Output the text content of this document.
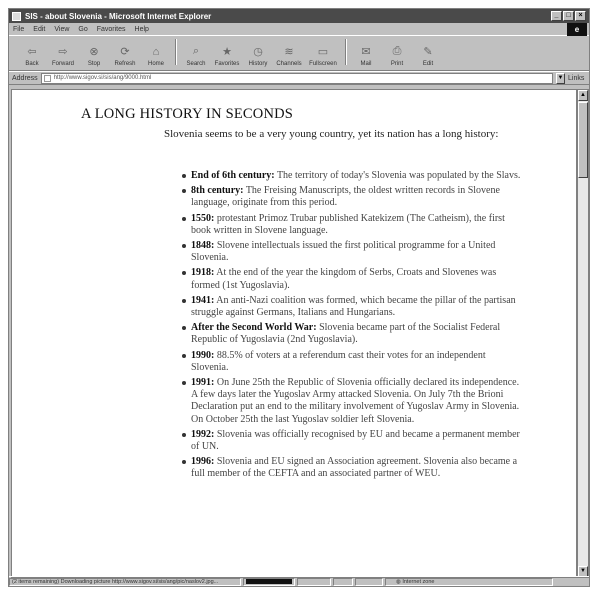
SIS - about Slovenia - Microsoft Internet Explorer	_	□	×
File Edit View Go Favorites Help	e
⇦
Back
⇨
Forward
⊗
Stop
⟳
Refresh
⌂
Home
⌕
Search
★
Favorites
◷
History
≋
Channels
▭
Fullscreen
✉
Mail
⎙
Print
✎
Edit
Address	http://www.sigov.si/sis/ang/9000.html	▼ Links
A LONG HISTORY IN SECONDS
Slovenia seems to be a very young country, yet its nation has a long history:
End of 6th century: The territory of today's Slovenia was populated by the Slavs.
8th century: The Freising Manuscripts, the oldest written records in Slovene language, originate from this period.
1550: protestant Primoz Trubar published Katekizem (The Catheism), the first book written in Slovene language.
1848: Slovene intellectuals issued the first political programme for a United Slovenia.
1918: At the end of the year the kingdom of Serbs, Croats and Slovenes was formed (1st Yugoslavia).
1941: An anti-Nazi coalition was formed, which became the pillar of the partisan struggle against Germans, Italians and Hungarians.
After the Second World War: Slovenia became part of the Socialist Federal Republic of Yugoslavia (2nd Yugoslavia).
1990: 88.5% of voters at a referendum cast their votes for an independent Slovenia.
1991: On June 25th the Republic of Slovenia officially declared its independence. A few days later the Yugoslav Army attacked Slovenia. On July 7th the Brioni Declaration put an end to the military involvement of Yugoslav Army in Slovenia. On October 25th the last Yugoslav soldier left Slovenia.
1992: Slovenia was officially recognised by EU and became a permanent member of UN.
1996: Slovenia and EU signed an Association agreement. Slovenia also became a full member of the CEFTA and an associated partner of WEU.
▲
▼
(2 items remaining) Downloading picture http://www.sigov.si/sis/ang/pic/naslov2.jpg...	◍
Internet zone
